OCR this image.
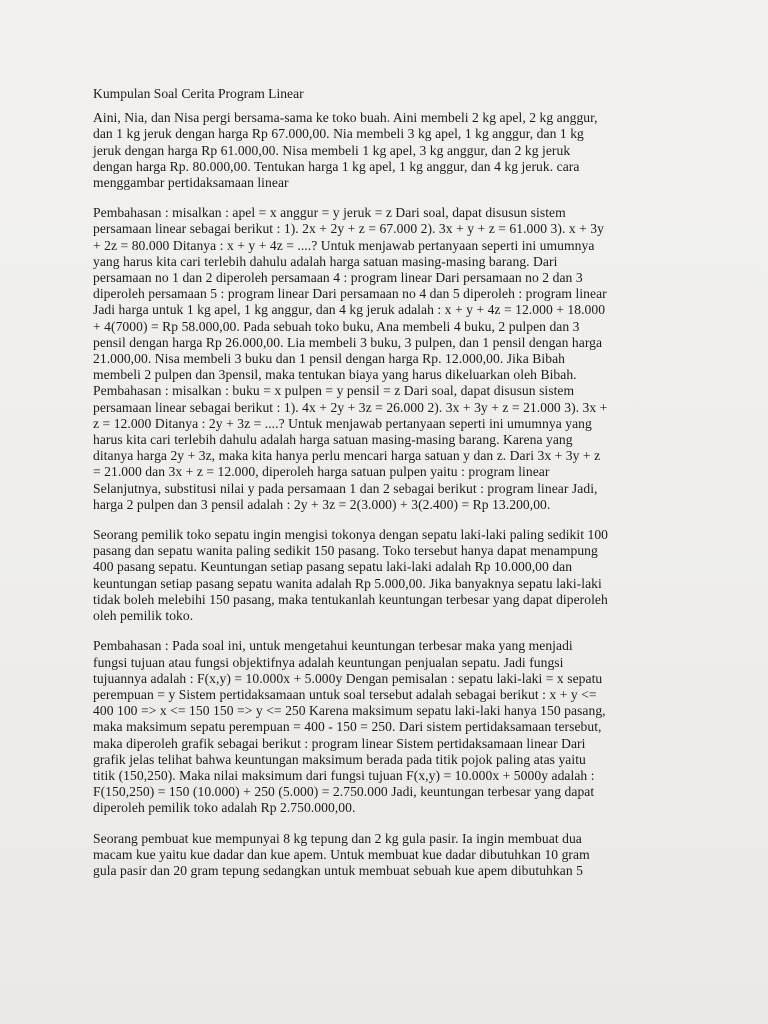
Kumpulan Soal Cerita Program Linear
Aini, Nia, dan Nisa pergi bersama-sama ke toko buah. Aini membeli 2 kg apel, 2 kg anggur,
dan 1 kg jeruk dengan harga Rp 67.000,00. Nia membeli 3 kg apel, 1 kg anggur, dan 1 kg
jeruk dengan harga Rp 61.000,00. Nisa membeli 1 kg apel, 3 kg anggur, dan 2 kg jeruk
dengan harga Rp. 80.000,00. Tentukan harga 1 kg apel, 1 kg anggur, dan 4 kg jeruk. cara
menggambar pertidaksamaan linear
Pembahasan : misalkan : apel = x anggur = y jeruk = z Dari soal, dapat disusun sistem
persamaan linear sebagai berikut : 1). 2x + 2y + z = 67.000 2). 3x + y + z = 61.000 3). x + 3y
+ 2z = 80.000 Ditanya : x + y + 4z = ....? Untuk menjawab pertanyaan seperti ini umumnya
yang harus kita cari terlebih dahulu adalah harga satuan masing-masing barang. Dari
persamaan no 1 dan 2 diperoleh persamaan 4 : program linear Dari persamaan no 2 dan 3
diperoleh persamaan 5 : program linear Dari persamaan no 4 dan 5 diperoleh : program linear
Jadi harga untuk 1 kg apel, 1 kg anggur, dan 4 kg jeruk adalah : x + y + 4z = 12.000 + 18.000
+ 4(7000) = Rp 58.000,00. Pada sebuah toko buku, Ana membeli 4 buku, 2 pulpen dan 3
pensil dengan harga Rp 26.000,00. Lia membeli 3 buku, 3 pulpen, dan 1 pensil dengan harga
21.000,00. Nisa membeli 3 buku dan 1 pensil dengan harga Rp. 12.000,00. Jika Bibah
membeli 2 pulpen dan 3pensil, maka tentukan biaya yang harus dikeluarkan oleh Bibah.
Pembahasan : misalkan : buku = x pulpen = y pensil = z Dari soal, dapat disusun sistem
persamaan linear sebagai berikut : 1). 4x + 2y + 3z = 26.000 2). 3x + 3y + z = 21.000 3). 3x +
z = 12.000 Ditanya : 2y + 3z = ....? Untuk menjawab pertanyaan seperti ini umumnya yang
harus kita cari terlebih dahulu adalah harga satuan masing-masing barang. Karena yang
ditanya harga 2y + 3z, maka kita hanya perlu mencari harga satuan y dan z. Dari 3x + 3y + z
= 21.000 dan 3x + z = 12.000, diperoleh harga satuan pulpen yaitu : program linear
Selanjutnya, substitusi nilai y pada persamaan 1 dan 2 sebagai berikut : program linear Jadi,
harga 2 pulpen dan 3 pensil adalah : 2y + 3z = 2(3.000) + 3(2.400) = Rp 13.200,00.
Seorang pemilik toko sepatu ingin mengisi tokonya dengan sepatu laki-laki paling sedikit 100
pasang dan sepatu wanita paling sedikit 150 pasang. Toko tersebut hanya dapat menampung
400 pasang sepatu. Keuntungan setiap pasang sepatu laki-laki adalah Rp 10.000,00 dan
keuntungan setiap pasang sepatu wanita adalah Rp 5.000,00. Jika banyaknya sepatu laki-laki
tidak boleh melebihi 150 pasang, maka tentukanlah keuntungan terbesar yang dapat diperoleh
oleh pemilik toko.
Pembahasan : Pada soal ini, untuk mengetahui keuntungan terbesar maka yang menjadi
fungsi tujuan atau fungsi objektifnya adalah keuntungan penjualan sepatu. Jadi fungsi
tujuannya adalah : F(x,y) = 10.000x + 5.000y Dengan pemisalan : sepatu laki-laki = x sepatu
perempuan = y Sistem pertidaksamaan untuk soal tersebut adalah sebagai berikut : x + y <=
400 100 => x <= 150 150 => y <= 250 Karena maksimum sepatu laki-laki hanya 150 pasang,
maka maksimum sepatu perempuan = 400 - 150 = 250. Dari sistem pertidaksamaan tersebut,
maka diperoleh grafik sebagai berikut : program linear Sistem pertidaksamaan linear Dari
grafik jelas telihat bahwa keuntungan maksimum berada pada titik pojok paling atas yaitu
titik (150,250). Maka nilai maksimum dari fungsi tujuan F(x,y) = 10.000x + 5000y adalah :
F(150,250) = 150 (10.000) + 250 (5.000) = 2.750.000 Jadi, keuntungan terbesar yang dapat
diperoleh pemilik toko adalah Rp 2.750.000,00.
Seorang pembuat kue mempunyai 8 kg tepung dan 2 kg gula pasir. Ia ingin membuat dua
macam kue yaitu kue dadar dan kue apem. Untuk membuat kue dadar dibutuhkan 10 gram
gula pasir dan 20 gram tepung sedangkan untuk membuat sebuah kue apem dibutuhkan 5
